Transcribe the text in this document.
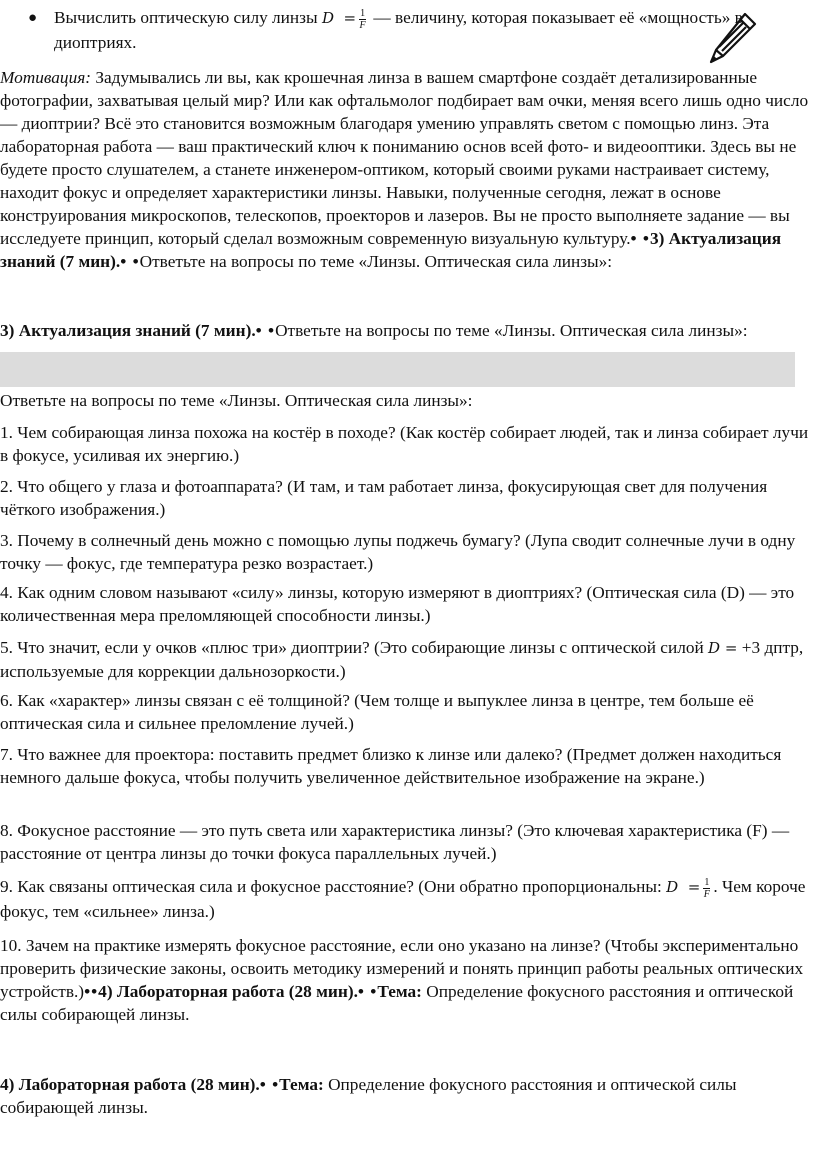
● Вычислить оптическую силу линзы $D = \frac{1}{F}$ — величину, которая показывает её «мощность» в диоптриях.
Мотивация: Задумывались ли вы, как крошечная линза в вашем смартфоне создаёт детализированные фотографии, захватывая целый мир? Или как офтальмолог подбирает вам очки, меняя всего лишь одно число — диоптрии? Всё это становится возможным благодаря умению управлять светом с помощью линз. Эта лабораторная работа — ваш практический ключ к пониманию основ всей фото- и видеооптики. Здесь вы не будете просто слушателем, а станете инженером-оптиком, который своими руками настраивает систему, находит фокус и определяет характеристики линзы. Навыки, полученные сегодня, лежат в основе конструирования микроскопов, телескопов, проекторов и лазеров. Вы не просто выполняете задание — вы исследуете принцип, который сделал возможным современную визуальную культуру.• •3) Актуализация знаний (7 мин).• •Ответьте на вопросы по теме «Линзы. Оптическая сила линзы»:
3) Актуализация знаний (7 мин).• •Ответьте на вопросы по теме «Линзы. Оптическая сила линзы»:
Ответьте на вопросы по теме «Линзы. Оптическая сила линзы»:

1. Чем собирающая линза похожа на костёр в походе? (Как костёр собирает людей, так и линза собирает лучи в фокусе, усиливая их энергию.)

2. Что общего у глаза и фотоаппарата? (И там, и там работает линза, фокусирующая свет для получения чёткого изображения.)

3. Почему в солнечный день можно с помощью лупы поджечь бумагу? (Лупа сводит солнечные лучи в одну точку — фокус, где температура резко возрастает.)

4. Как одним словом называют «силу» линзы, которую измеряют в диоптриях? (Оптическая сила (D) — это количественная мера преломляющей способности линзы.)

5. Что значит, если у очков «плюс три» диоптрии? (Это собирающие линзы с оптической силой D = +3 дптр, используемые для коррекции дальнозоркости.)

6. Как «характер» линзы связан с её толщиной? (Чем толще и выпуклее линза в центре, тем больше её оптическая сила и сильнее преломление лучей.)

7. Что важнее для проектора: поставить предмет близко к линзе или далеко? (Предмет должен находиться немного дальше фокуса, чтобы получить увеличенное действительное изображение на экране.)

8. Фокусное расстояние — это путь света или характеристика линзы? (Это ключевая характеристика (F) — расстояние от центра линзы до точки фокуса параллельных лучей.)

9. Как связаны оптическая сила и фокусное расстояние? (Они обратно пропорциональны: $D = \frac{1}{F}$ . Чем короче фокус, тем «сильнее» линза.)

10. Зачем на практике измерять фокусное расстояние, если оно указано на линзе? (Чтобы экспериментально проверить физические законы, освоить методику измерений и понять принцип работы реальных оптических устройств.)••4) Лабораторная работа (28 мин).• •Тема: Определение фокусного расстояния и оптической силы собирающей линзы.

4) Лабораторная работа (28 мин).• •Тема: Определение фокусного расстояния и оптической силы собирающей линзы.
